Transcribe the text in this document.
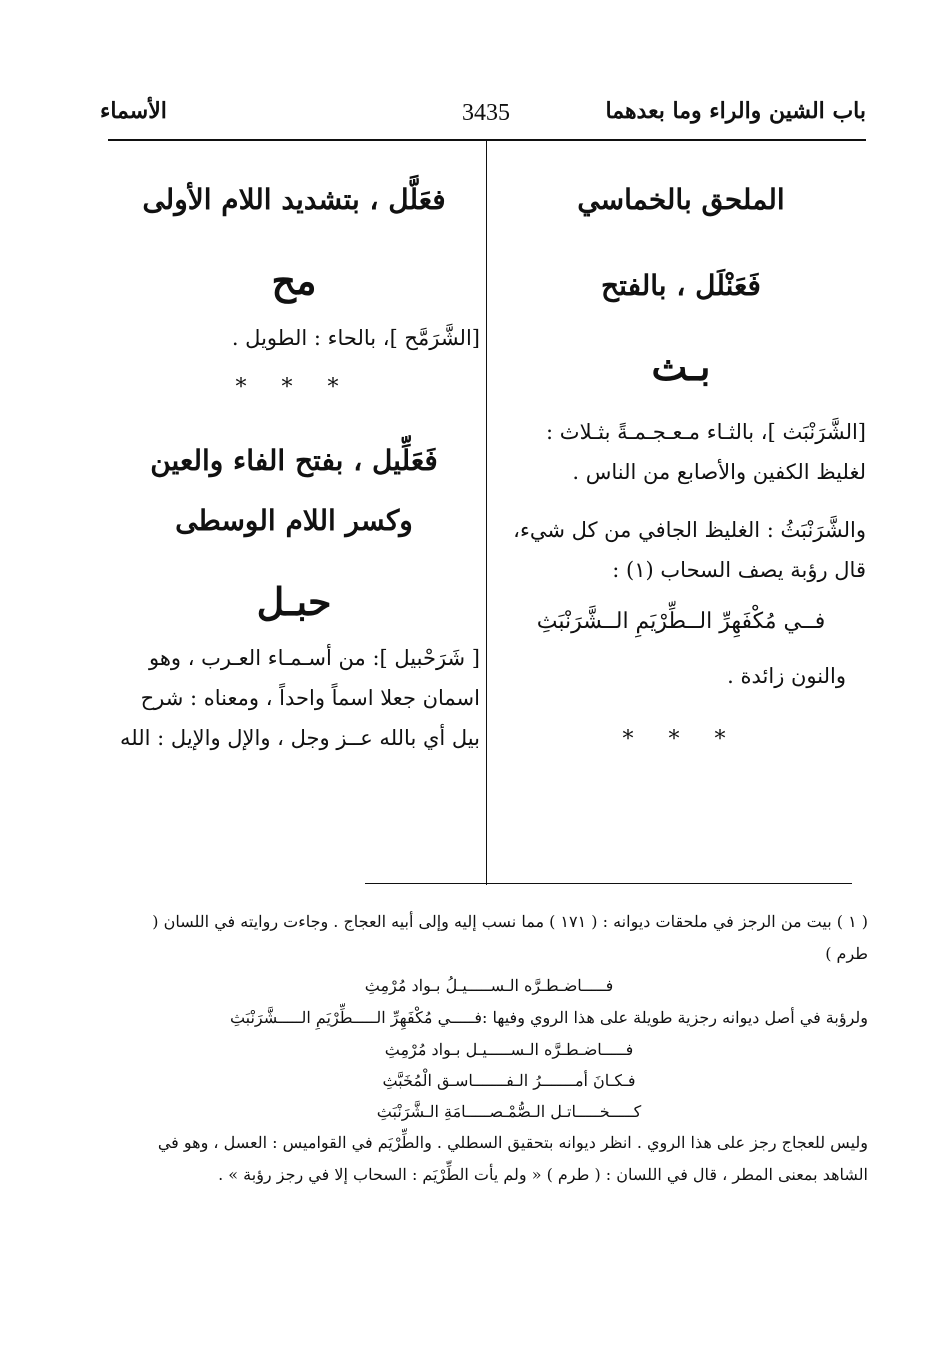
باب الشين والراء وما بعدهما
3435
الأسماء
الملحق بالخماسي
فَعَنْلَل ، بالفتح
بـث

[الشَّرَنْبَث ]، بالثـاء مـعـجـمـةً بثـلاث :

لغليظ الكفين والأصابع من الناس .

والشَّرَنْبَثُ : الغليظ الجافي من كل شيء،

قال رؤبة يصف السحاب (١) :

فــي مُكْفَهِرِّ الــطِّرْيَمِ الــشَّرَنْبَثِ

والنون زائدة .

* * *
فعَلَّل ، بتشديد اللام الأولى
مح

[الشَّرَمَّح ]، بالحاء : الطويل .

* * *
فَعَلِّيل ، بفتح الفاء والعين
وكسر اللام الوسطى
حبـل

[ شَرَحْبيل ]: من أسـمـاء العـرب ، وهو

اسمان جعلا اسماً واحداً ، ومعناه : شرح

بيل أي بالله عــز وجل ، والإل والإيل : الله

( ١ ) بيت من الرجز في ملحقات ديوانه : ( ١٧١ ) مما نسب إليه وإلى أبيه العجاج . وجاءت روايته في اللسان ( طرم )
فـــــاضـطـرَّه الـســـــيـلُ بـواد مُرْمِثِ
ولرؤبة في أصل ديوانه رجزية طويلة على هذا الروي وفيها :فـــــي مُكْفَهِرِّ الـــــطِّرْيَمِ الـــــشَّرَنْبَثِ
فـــــاضـطـرَّه الـســـــيـل بـواد مُرْمِثِ
فـكـانَ أمـــــــرُ الـفـــــــاسـق الْمُخَبَّثِ
كـــــخـــــاتـل الـصُّمْـصـــــامَةِ الـشَّرَنْبَثِ
وليس للعجاج رجز على هذا الروي . انظر ديوانه بتحقيق السطلي . والطِّرْيَم في القواميس : العسل ، وهو في
الشاهد بمعنى المطر ، قال في اللسان : ( طرم ) « ولم يأت الطِّرْيَم : السحاب إلا في رجز رؤبة » .
